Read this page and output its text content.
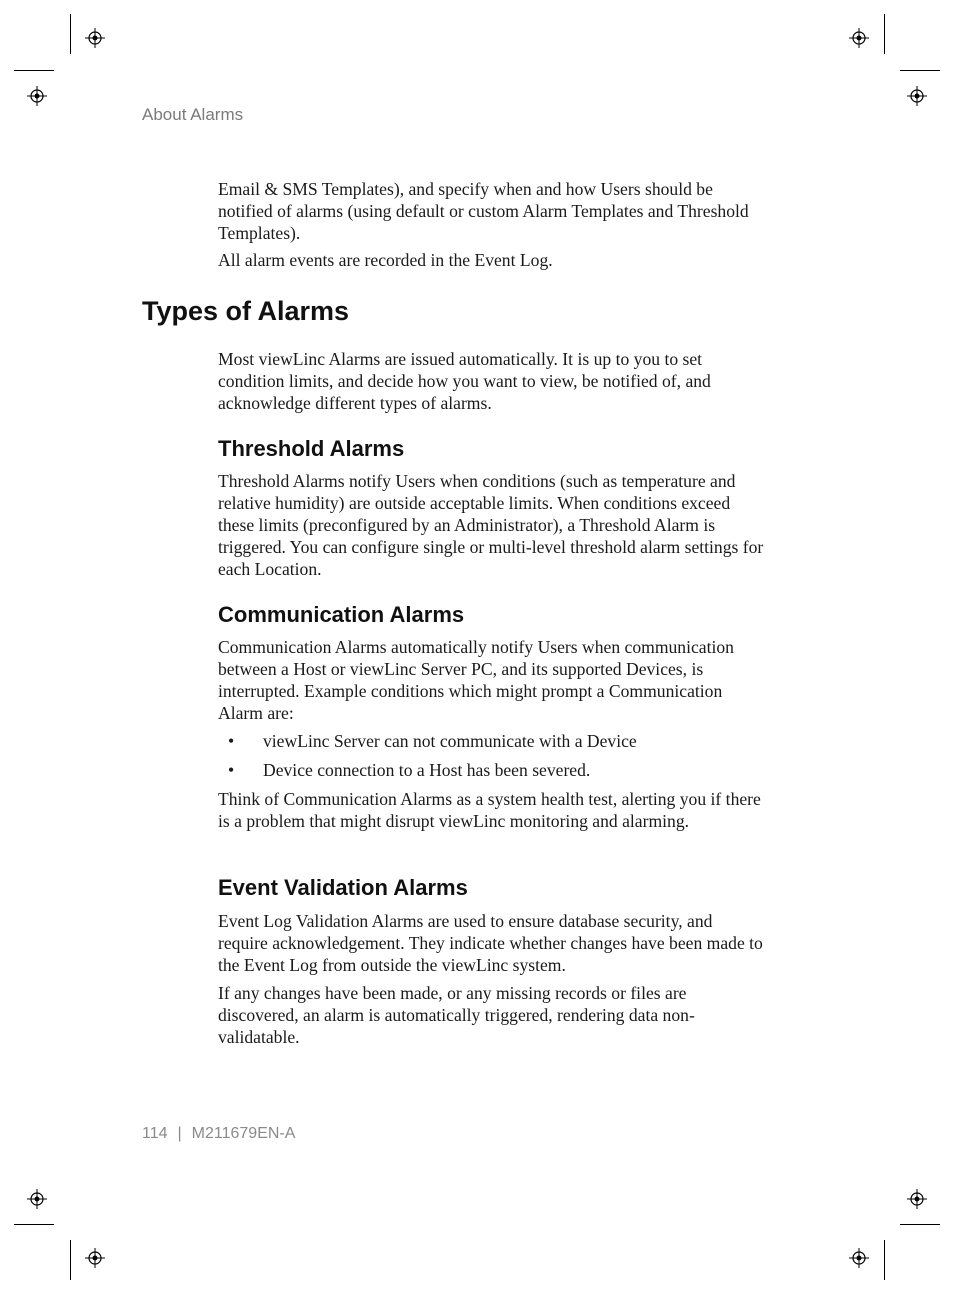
About Alarms

Email & SMS Templates), and specify when and how Users should be notified of alarms (using default or custom Alarm Templates and Threshold Templates).

All alarm events are recorded in the Event Log.

Types of Alarms

Most viewLinc Alarms are issued automatically. It is up to you to set condition limits, and decide how you want to view, be notified of, and acknowledge different types of alarms.

Threshold Alarms

Threshold Alarms notify Users when conditions (such as temperature and relative humidity) are outside acceptable limits. When conditions exceed these limits (preconfigured by an Administrator), a Threshold Alarm is triggered. You can configure single or multi-level threshold alarm settings for each Location.

Communication Alarms

Communication Alarms automatically notify Users when communication between a Host or viewLinc Server PC, and its supported Devices, is interrupted. Example conditions which might prompt a Communication Alarm are:

• viewLinc Server can not communicate with a Device
• Device connection to a Host has been severed.

Think of Communication Alarms as a system health test, alerting you if there is a problem that might disrupt viewLinc monitoring and alarming.

Event Validation Alarms

Event Log Validation Alarms are used to ensure database security, and require acknowledgement. They indicate whether changes have been made to the Event Log from outside the viewLinc system.

If any changes have been made, or any missing records or files are discovered, an alarm is automatically triggered, rendering data non-validatable.

114 | M211679EN-A
